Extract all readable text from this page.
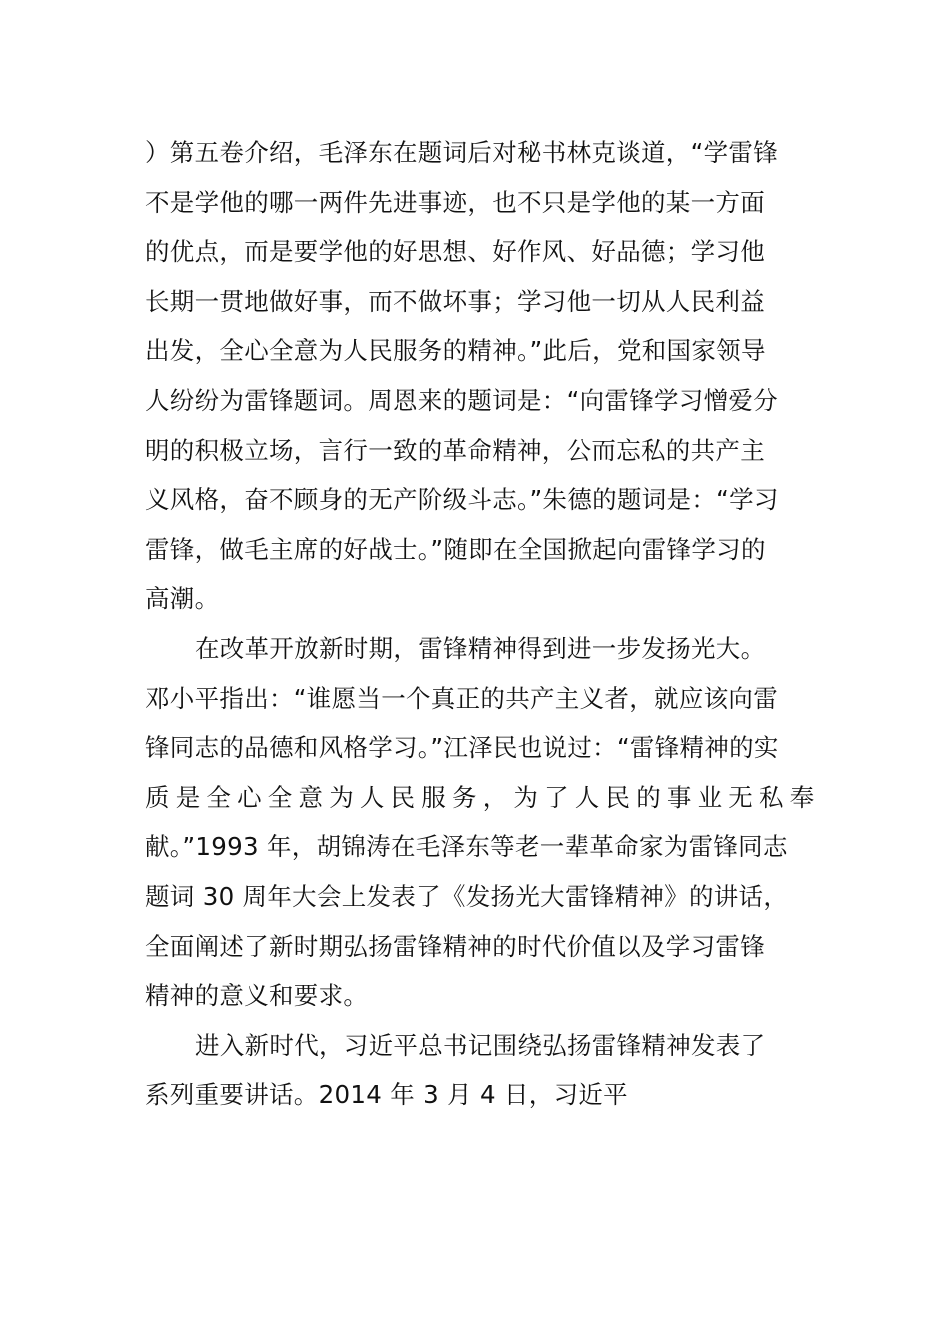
）第五卷介绍，毛泽东在题词后对秘书林克谈道，“学雷锋
不是学他的哪一两件先进事迹，也不只是学他的某一方面
的优点，而是要学他的好思想、好作风、好品德；学习他
长期一贯地做好事，而不做坏事；学习他一切从人民利益
出发，全心全意为人民服务的精神。”此后，党和国家领导
人纷纷为雷锋题词。周恩来的题词是：“向雷锋学习憎爱分
明的积极立场，言行一致的革命精神，公而忘私的共产主
义风格，奋不顾身的无产阶级斗志。”朱德的题词是：“学习
雷锋，做毛主席的好战士。”随即在全国掀起向雷锋学习的
高潮。
在改革开放新时期，雷锋精神得到进一步发扬光大。
邓小平指出：“谁愿当一个真正的共产主义者，就应该向雷
锋同志的品德和风格学习。”江泽民也说过：“雷锋精神的实
质是全心全意为人民服务，为了人民的事业无私奉
献。”1993 年，胡锦涛在毛泽东等老一辈革命家为雷锋同志
题词 30 周年大会上发表了《发扬光大雷锋精神》的讲话，
全面阐述了新时期弘扬雷锋精神的时代价值以及学习雷锋
精神的意义和要求。
进入新时代，习近平总书记围绕弘扬雷锋精神发表了
系列重要讲话。2014 年 3 月 4 日，习近平
